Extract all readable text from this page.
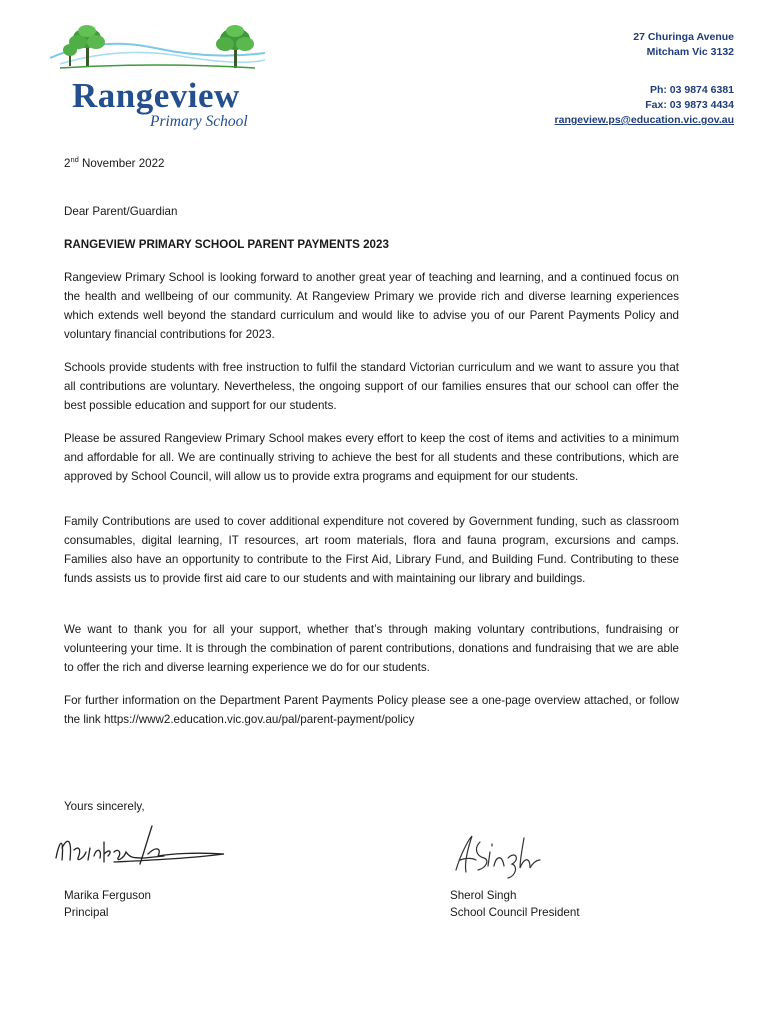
Rangeview
Primary School
27 Churinga Avenue
Mitcham Vic 3132
Ph: 03 9874 6381
Fax: 03 9873 4434
rangeview.ps@education.vic.gov.au
2nd November 2022
Dear Parent/Guardian
RANGEVIEW PRIMARY SCHOOL PARENT PAYMENTS 2023

Rangeview Primary School is looking forward to another great year of teaching and learning, and a continued focus on the health and wellbeing of our community. At Rangeview Primary we provide rich and diverse learning experiences which extends well beyond the standard curriculum and would like to advise you of our Parent Payments Policy and voluntary financial contributions for 2023.

Schools provide students with free instruction to fulfil the standard Victorian curriculum and we want to assure you that all contributions are voluntary. Nevertheless, the ongoing support of our families ensures that our school can offer the best possible education and support for our students.

Please be assured Rangeview Primary School makes every effort to keep the cost of items and activities to a minimum and affordable for all. We are continually striving to achieve the best for all students and these contributions, which are approved by School Council, will allow us to provide extra programs and equipment for our students.

Family Contributions are used to cover additional expenditure not covered by Government funding, such as classroom consumables, digital learning, IT resources, art room materials, flora and fauna program, excursions and camps. Families also have an opportunity to contribute to the First Aid, Library Fund, and Building Fund. Contributing to these funds assists us to provide first aid care to our students and with maintaining our library and buildings.

We want to thank you for all your support, whether that’s through making voluntary contributions, fundraising or volunteering your time. It is through the combination of parent contributions, donations and fundraising that we are able to offer the rich and diverse learning experience we do for our students.

For further information on the Department Parent Payments Policy please see a one-page overview attached, or follow the link https://www2.education.vic.gov.au/pal/parent-payment/policy

Yours sincerely,
Marika Ferguson
Principal
Sherol Singh
School Council President
